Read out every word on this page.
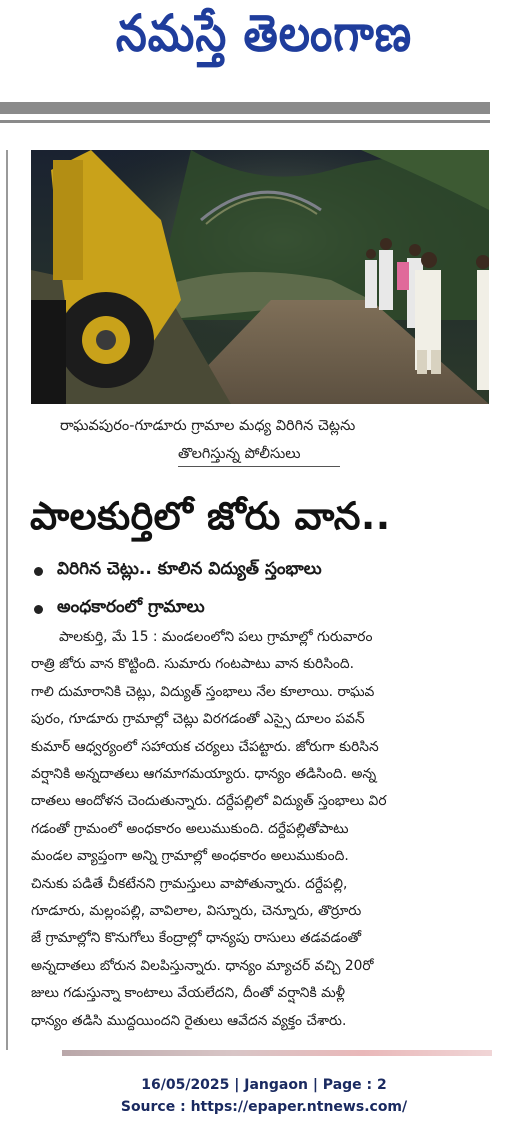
నమస్తే తెలంగాణ
రాఘవపురం-గూడూరు గ్రామాల మధ్య విరిగిన చెట్లను
తొలగిస్తున్న పోలీసులు
పాలకుర్తిలో జోరు వాన..
విరిగిన చెట్లు.. కూలిన విద్యుత్ స్తంభాలు
అంధకారంలో గ్రామాలు
పాలకుర్తి, మే 15 : మండలంలోని పలు గ్రామాల్లో గురువారం
రాత్రి జోరు వాన కొట్టింది. సుమారు గంటపాటు వాన కురిసింది.
గాలి దుమారానికి చెట్లు, విద్యుత్ స్తంభాలు నేల కూలాయి. రాఘవ
పురం, గూడూరు గ్రామాల్లో చెట్లు విరగడంతో ఎస్సై దూలం పవన్
కుమార్ ఆధ్వర్యంలో సహాయక చర్యలు చేపట్టారు. జోరుగా కురిసిన
వర్షానికి అన్నదాతలు ఆగమాగమయ్యారు. ధాన్యం తడిసింది. అన్న
దాతలు ఆందోళన చెందుతున్నారు. దర్దేపల్లిలో విద్యుత్ స్తంభాలు విర
గడంతో గ్రామంలో అంధకారం అలుముకుంది. దర్దేపల్లితోపాటు
మండల వ్యాప్తంగా అన్ని గ్రామాల్లో అంధకారం అలుముకుంది.
చినుకు పడితే చీకటేనని గ్రామస్తులు వాపోతున్నారు. దర్దేపల్లి,
గూడూరు, మల్లంపల్లి, వావిలాల, విస్నూరు, చెన్నూరు, తొర్రూరు
జే గ్రామాల్లోని కొనుగోలు కేంద్రాల్లో ధాన్యపు రాసులు తడవడంతో
అన్నదాతలు బోరున విలపిస్తున్నారు. ధాన్యం మ్యాచర్ వచ్చి 20రో
జులు గడుస్తున్నా కాంటాలు వేయలేదని, దీంతో వర్షానికి మళ్లీ
ధాన్యం తడిసి ముద్దయిందని రైతులు ఆవేదన వ్యక్తం చేశారు.
16/05/2025 | Jangaon | Page : 2
Source : https://epaper.ntnews.com/
